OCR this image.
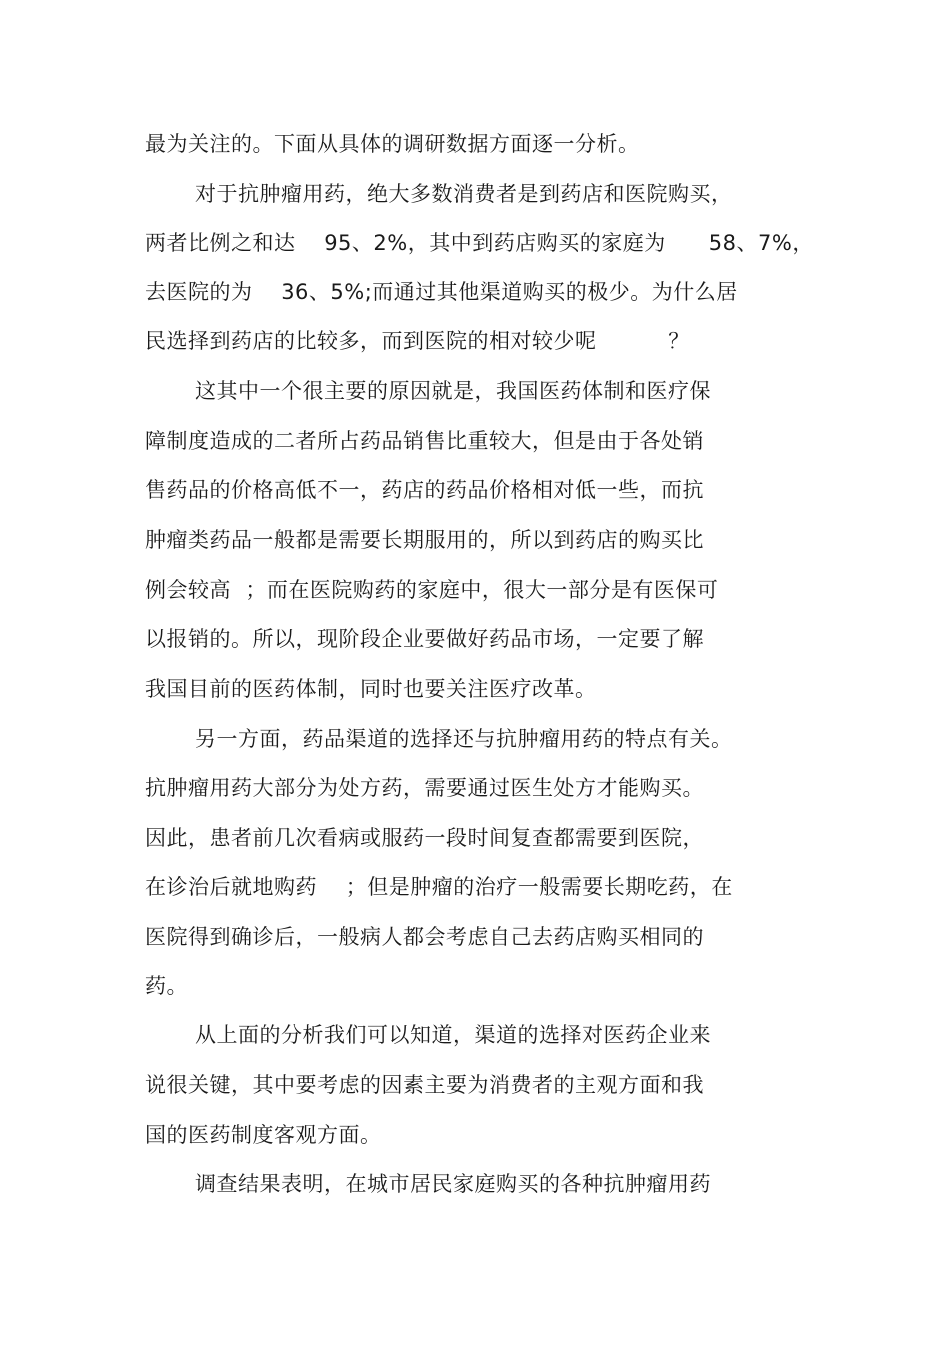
最为关注的。下面从具体的调研数据方面逐一分析。
对于抗肿瘤用药，绝大多数消费者是到药店和医院购买，
两者比例之和达    95、2%，其中到药店购买的家庭为      58、7%，
去医院的为    36、5%;而通过其他渠道购买的极少。为什么居
民选择到药店的比较多，而到医院的相对较少呢          ？
这其中一个很主要的原因就是，我国医药体制和医疗保
障制度造成的二者所占药品销售比重较大，但是由于各处销
售药品的价格高低不一，药店的药品价格相对低一些，而抗
肿瘤类药品一般都是需要长期服用的，所以到药店的购买比
例会较高  ；而在医院购药的家庭中，很大一部分是有医保可
以报销的。所以，现阶段企业要做好药品市场，一定要了解
我国目前的医药体制，同时也要关注医疗改革。
另一方面，药品渠道的选择还与抗肿瘤用药的特点有关。
抗肿瘤用药大部分为处方药，需要通过医生处方才能购买。
因此，患者前几次看病或服药一段时间复查都需要到医院，
在诊治后就地购药    ；但是肿瘤的治疗一般需要长期吃药，在
医院得到确诊后，一般病人都会考虑自己去药店购买相同的
药。
从上面的分析我们可以知道，渠道的选择对医药企业来
说很关键，其中要考虑的因素主要为消费者的主观方面和我
国的医药制度客观方面。
调查结果表明，在城市居民家庭购买的各种抗肿瘤用药
